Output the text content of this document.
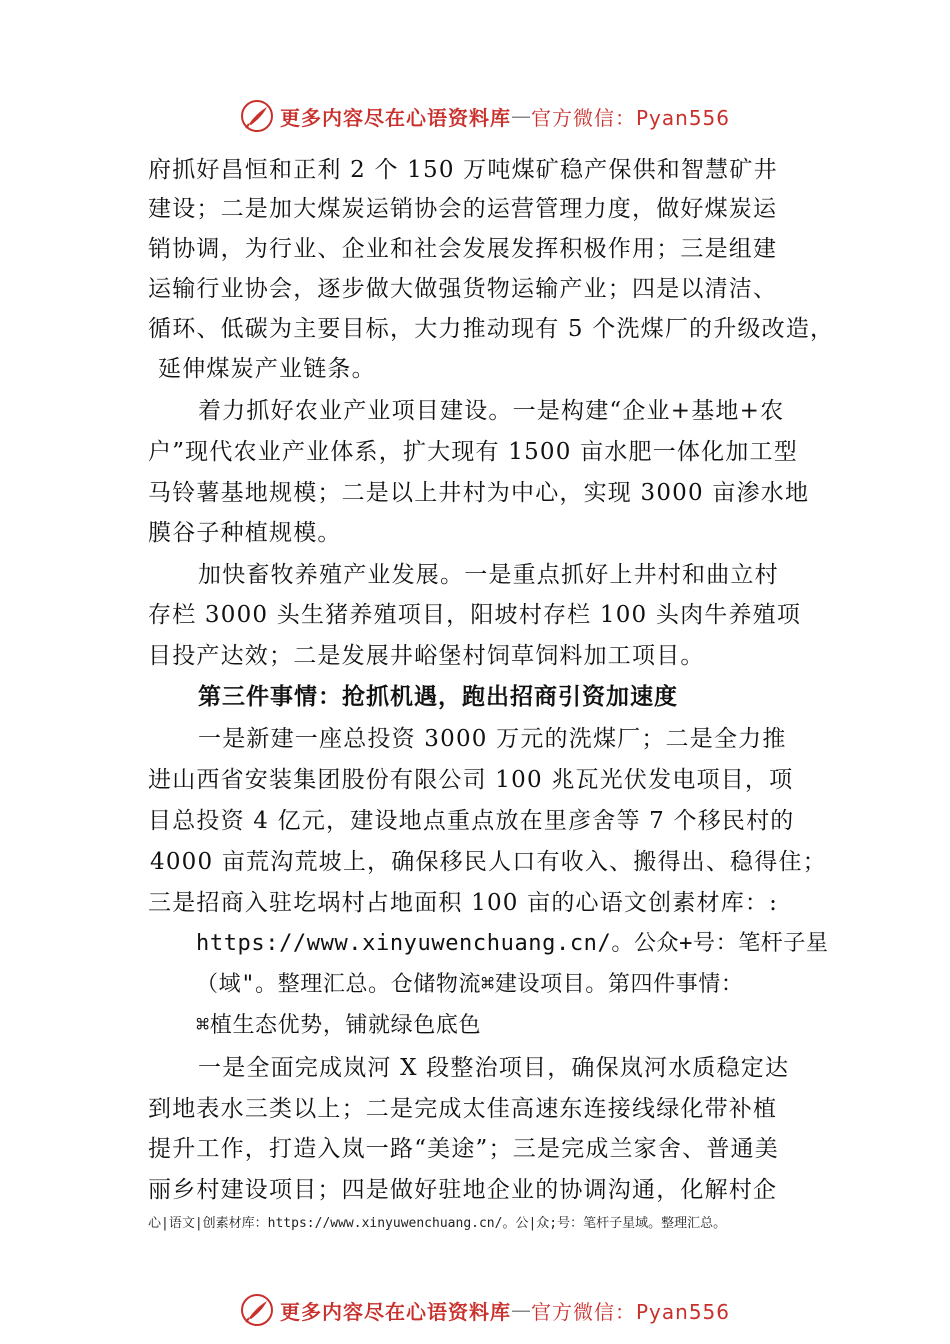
更多内容尽在心语资料库 — 官方微信：Pyan556
府抓好昌恒和正利 2 个 150 万吨煤矿稳产保供和智慧矿井
建设；二是加大煤炭运销协会的运营管理力度，做好煤炭运
销协调，为行业、企业和社会发展发挥积极作用；三是组建
运输行业协会，逐步做大做强货物运输产业；四是以清洁、
循环、低碳为主要目标，大力推动现有 5 个洗煤厂的升级改造，
延伸煤炭产业链条。
着力抓好农业产业项目建设。一是构建“企业+基地+农
户”现代农业产业体系，扩大现有 1500 亩水肥一体化加工型
马铃薯基地规模；二是以上井村为中心，实现 3000 亩渗水地
膜谷子种植规模。
加快畜牧养殖产业发展。一是重点抓好上井村和曲立村
存栏 3000 头生猪养殖项目，阳坡村存栏 100 头肉牛养殖项
目投产达效；二是发展井峪堡村饲草饲料加工项目。
第三件事情：抢抓机遇，跑出招商引资加速度
一是新建一座总投资 3000 万元的洗煤厂；二是全力推
进山西省安装集团股份有限公司 100 兆瓦光伏发电项目，项
目总投资 4 亿元，建设地点重点放在里彦舍等 7 个移民村的
4000 亩荒沟荒坡上，确保移民人口有收入、搬得出、稳得住；
三是招商入驻圪埚村占地面积 100 亩的心语文创素材库：:
https://www.xinyuwenchuang.cn/。公众+号：笔杆子星
（域"。整理汇总。仓储物流⌘建设项目。第四件事情：
⌘植生态优势，铺就绿色底色
一是全面完成岚河 X 段整治项目，确保岚河水质稳定达
到地表水三类以上；二是完成太佳高速东连接线绿化带补植
提升工作，打造入岚一路“美途”；三是完成兰家舍、普通美
丽乡村建设项目；四是做好驻地企业的协调沟通，化解村企
心|语文|创素材库：https://www.xinyuwenchuang.cn/。公|众;号：笔杆子星域。整理汇总。
更多内容尽在心语资料库 — 官方微信：Pyan556
